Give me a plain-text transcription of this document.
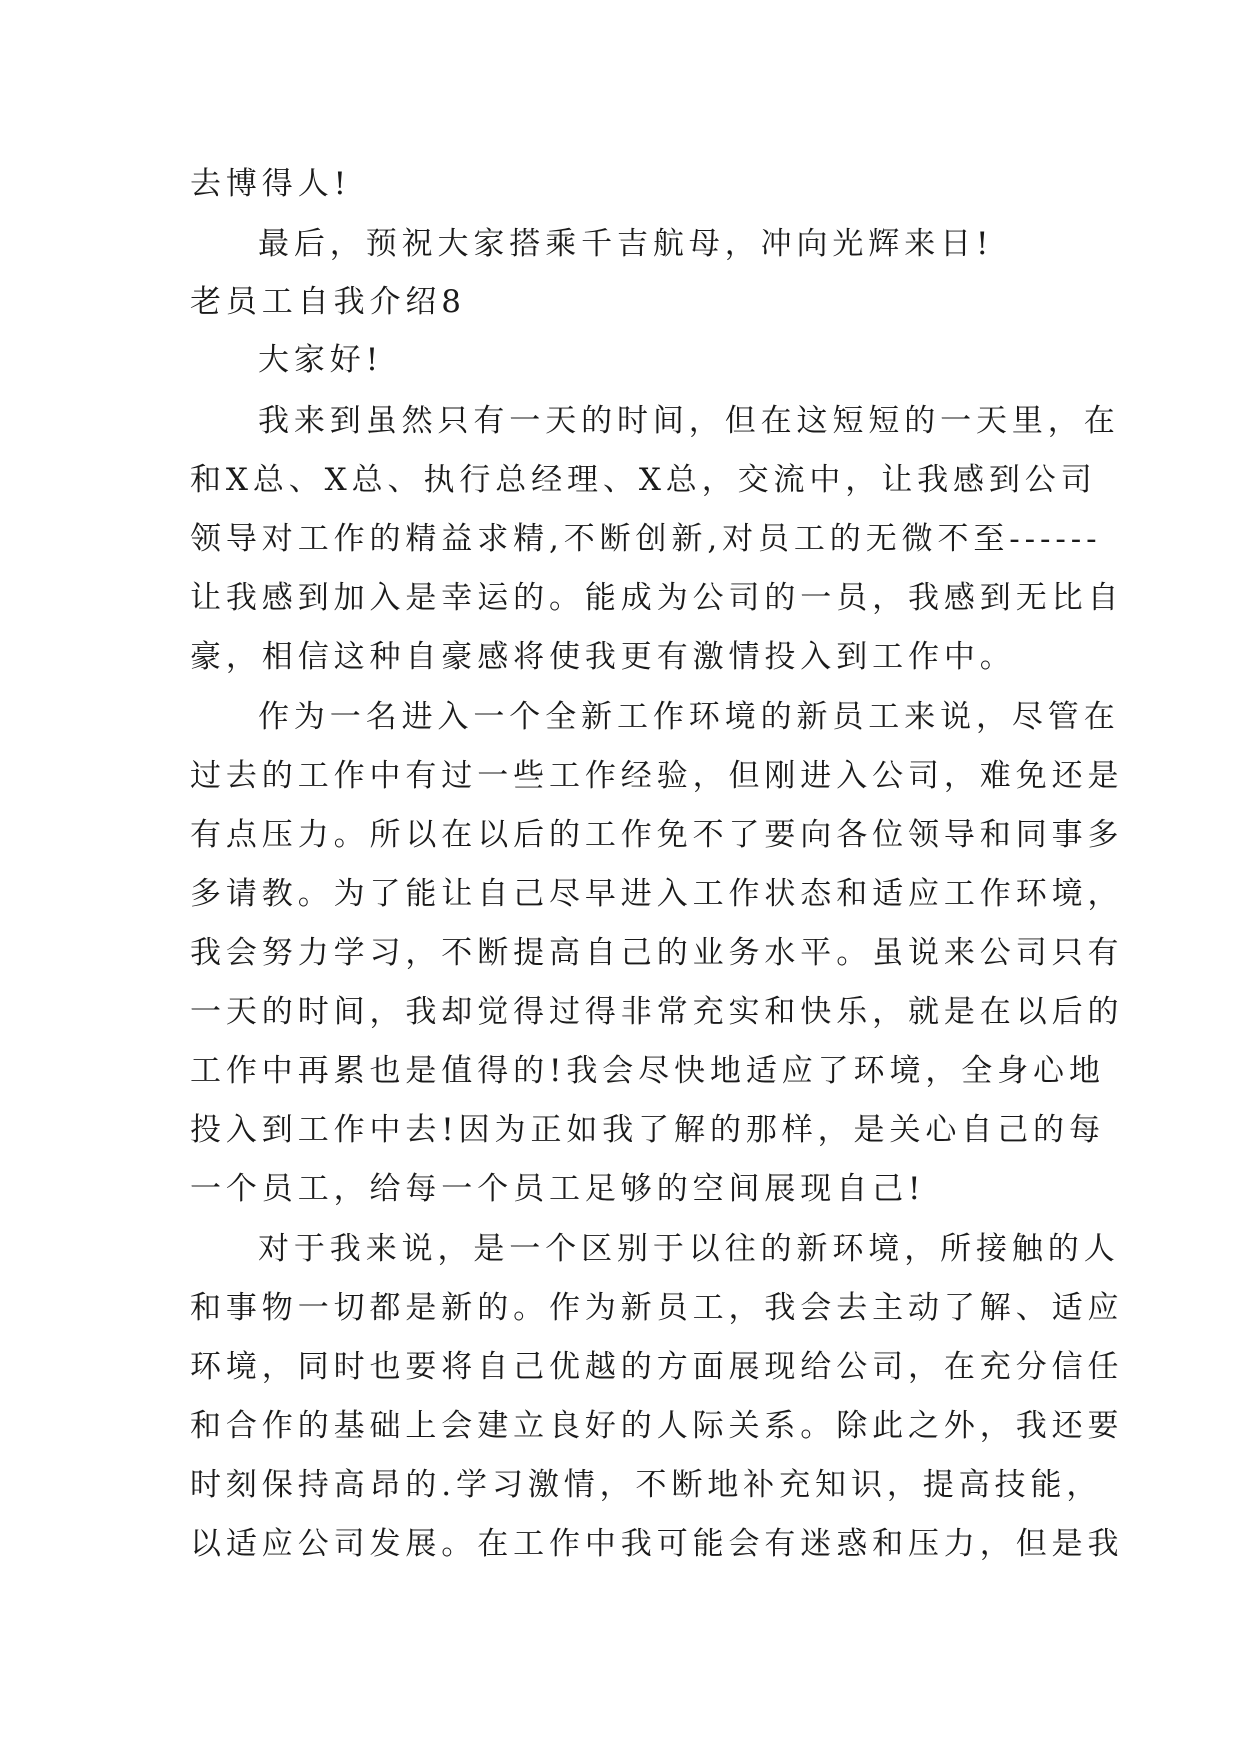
去博得人!

最后，预祝大家搭乘千吉航母，冲向光辉来日!

老员工自我介绍8

大家好!

我来到虽然只有一天的时间，但在这短短的一天里，在

和X总、X总、执行总经理、X总，交流中，让我感到公司

领导对工作的精益求精,不断创新,对员工的无微不至------

让我感到加入是幸运的。能成为公司的一员，我感到无比自

豪，相信这种自豪感将使我更有激情投入到工作中。

作为一名进入一个全新工作环境的新员工来说，尽管在

过去的工作中有过一些工作经验，但刚进入公司，难免还是

有点压力。所以在以后的工作免不了要向各位领导和同事多

多请教。为了能让自己尽早进入工作状态和适应工作环境，

我会努力学习，不断提高自己的业务水平。虽说来公司只有

一天的时间，我却觉得过得非常充实和快乐，就是在以后的

工作中再累也是值得的!我会尽快地适应了环境，全身心地

投入到工作中去!因为正如我了解的那样，是关心自己的每

一个员工，给每一个员工足够的空间展现自己!

对于我来说，是一个区别于以往的新环境，所接触的人

和事物一切都是新的。作为新员工，我会去主动了解、适应

环境，同时也要将自己优越的方面展现给公司，在充分信任

和合作的基础上会建立良好的人际关系。除此之外，我还要

时刻保持高昂的.学习激情，不断地补充知识，提高技能，

以适应公司发展。在工作中我可能会有迷惑和压力，但是我
